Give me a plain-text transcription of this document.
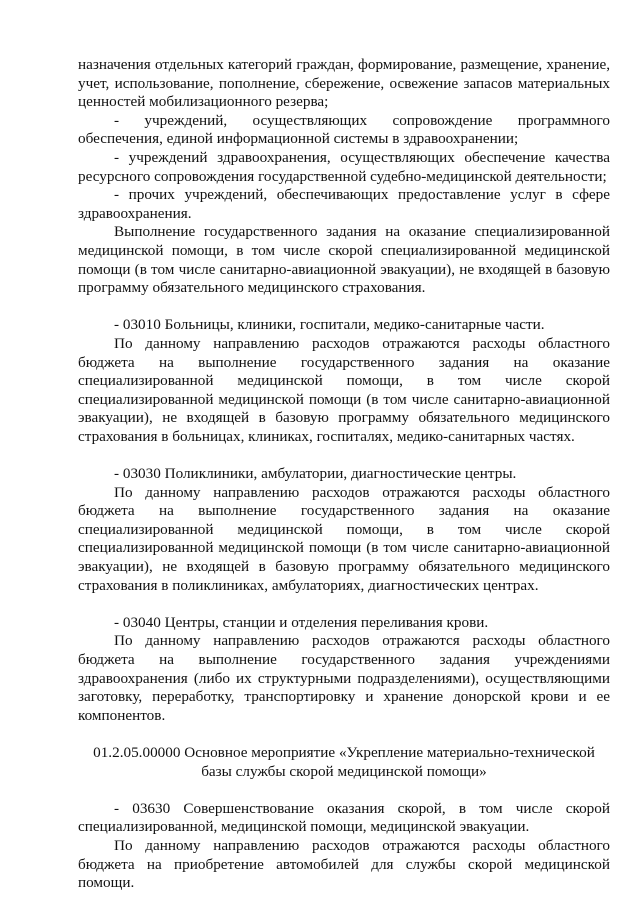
назначения отдельных категорий граждан, формирование, размещение, хранение, учет, использование, пополнение, сбережение, освежение запасов материальных ценностей мобилизационного резерва;

- учреждений, осуществляющих сопровождение программного обеспечения, единой информационной системы в здравоохранении;

- учреждений здравоохранения, осуществляющих обеспечение качества ресурсного сопровождения государственной судебно-медицинской деятельности;

- прочих учреждений, обеспечивающих предоставление услуг в сфере здравоохранения.

Выполнение государственного задания на оказание специализированной медицинской помощи, в том числе скорой специализированной медицинской помощи (в том числе санитарно-авиационной эвакуации), не входящей в базовую программу обязательного медицинского страхования.

- 03010 Больницы, клиники, госпитали, медико-санитарные части.

По данному направлению расходов отражаются расходы областного бюджета на выполнение государственного задания на оказание специализированной медицинской помощи, в том числе скорой специализированной медицинской помощи (в том числе санитарно-авиационной эвакуации), не входящей в базовую программу обязательного медицинского страхования в больницах, клиниках, госпиталях, медико-санитарных частях.

- 03030 Поликлиники, амбулатории, диагностические центры.

По данному направлению расходов отражаются расходы областного бюджета на выполнение государственного задания на оказание специализированной медицинской помощи, в том числе скорой специализированной медицинской помощи (в том числе санитарно-авиационной эвакуации), не входящей в базовую программу обязательного медицинского страхования в поликлиниках, амбулаториях, диагностических центрах.

- 03040 Центры, станции и отделения переливания крови.

По данному направлению расходов отражаются расходы областного бюджета на выполнение государственного задания учреждениями здравоохранения (либо их структурными подразделениями), осуществляющими заготовку, переработку, транспортировку и хранение донорской крови и ее компонентов.

01.2.05.00000 Основное мероприятие «Укрепление материально-технической базы службы скорой медицинской помощи»

- 03630 Совершенствование оказания скорой, в том числе скорой специализированной, медицинской помощи, медицинской эвакуации.

По данному направлению расходов отражаются расходы областного бюджета на приобретение автомобилей для службы скорой медицинской помощи.
